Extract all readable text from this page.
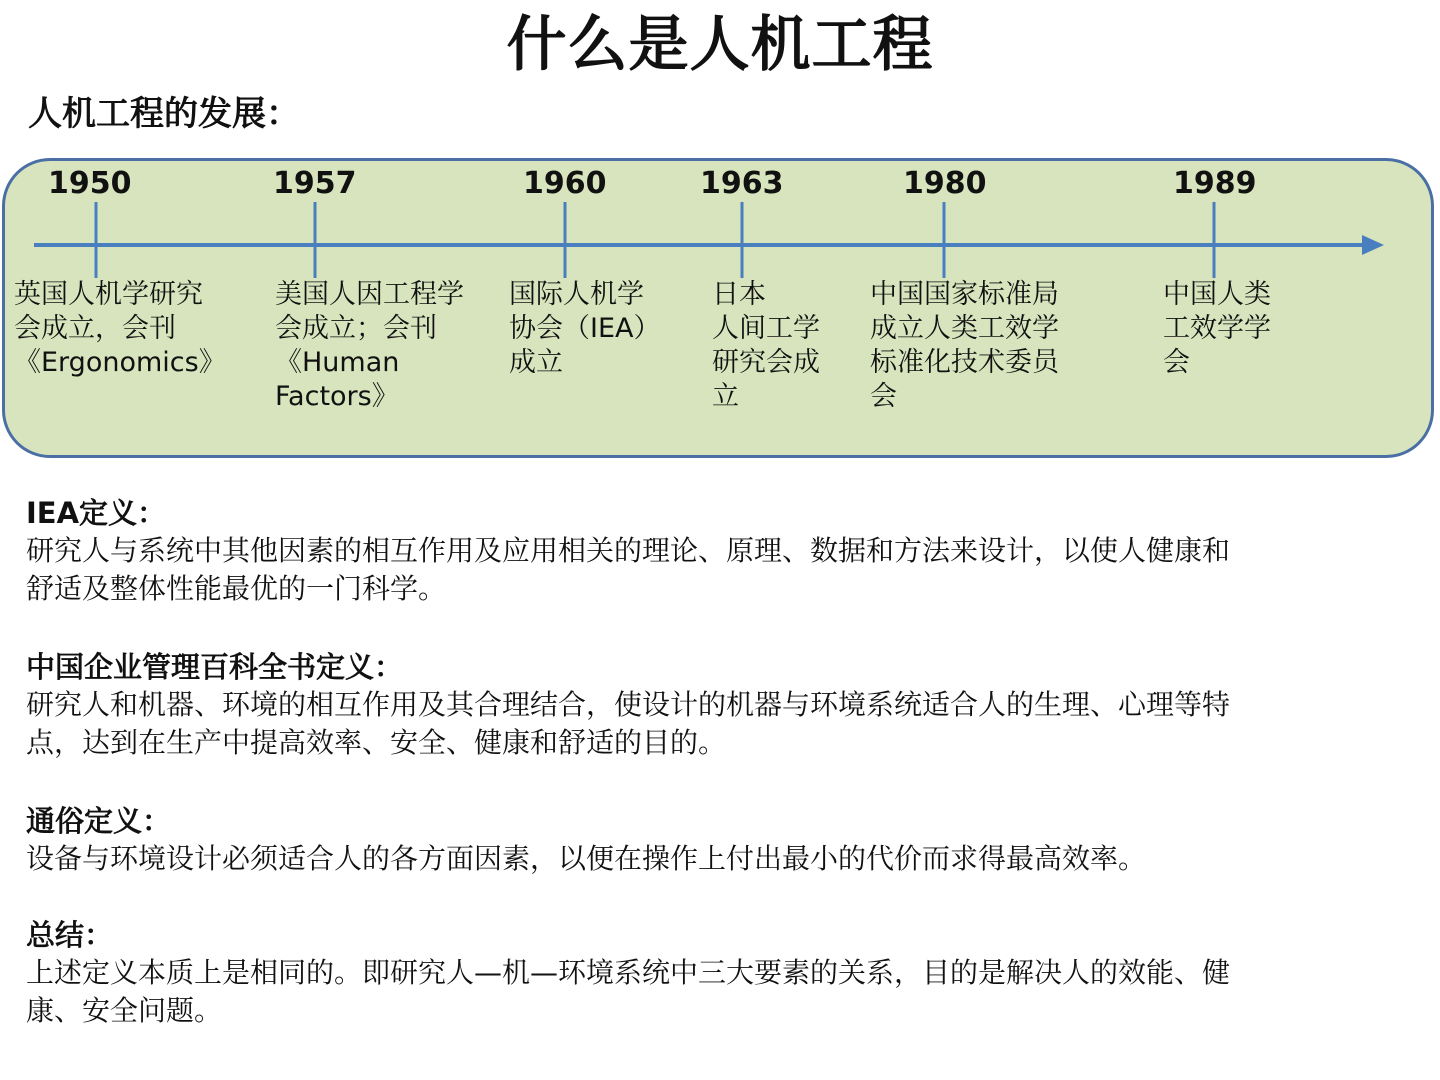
什么是人机工程
人机工程的发展：
1950	1957	1960	1963	1980	1989
英国人机学研究
会成立，会刊
《Ergonomics》
美国人因工程学
会成立；会刊
《Human
Factors》
国际人机学
协会（IEA）
成立
日本
人间工学
研究会成
立
中国国家标准局
成立人类工效学
标准化技术委员
会
中国人类
工效学学
会

IEA定义：

研究人与系统中其他因素的相互作用及应用相关的理论、原理、数据和方法来设计，以使人健康和
舒适及整体性能最优的一门科学。

中国企业管理百科全书定义：

研究人和机器、环境的相互作用及其合理结合，使设计的机器与环境系统适合人的生理、心理等特
点，达到在生产中提高效率、安全、健康和舒适的目的。

通俗定义：

设备与环境设计必须适合人的各方面因素，以便在操作上付出最小的代价而求得最高效率。

总结：

上述定义本质上是相同的。即研究人—机—环境系统中三大要素的关系，目的是解决人的效能、健
康、安全问题。
